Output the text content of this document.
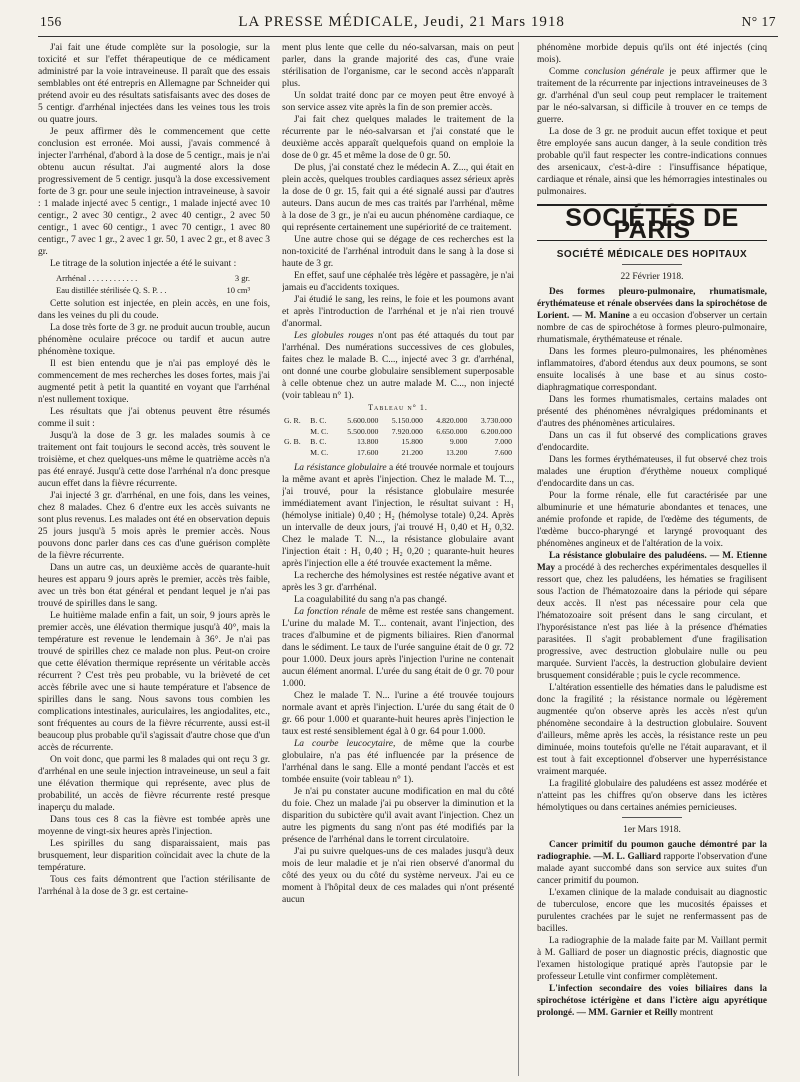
156	LA PRESSE MÉDICALE, Jeudi, 21 Mars 1918	N° 17

J'ai fait une étude complète sur la posologie, sur la toxicité et sur l'effet thérapeutique de ce médicament administré par la voie intraveineuse. Il paraît que des essais semblables ont été entrepris en Allemagne par Schneider qui prétend avoir eu des résultats satisfaisants avec des doses de 5 centigr. d'arrhénal injectées dans les veines tous les trois ou quatre jours.

Je peux affirmer dès le commencement que cette conclusion est erronée. Moi aussi, j'avais commencé à injecter l'arrhénal, d'abord à la dose de 5 centigr., mais je n'ai obtenu aucun résultat. J'ai augmenté alors la dose progressivement de 5 centigr. jusqu'à la dose excessivement forte de 3 gr. pour une seule injection intraveineuse, à savoir : 1 malade injecté avec 5 centigr., 1 malade injecté avec 10 centigr., 2 avec 30 centigr., 2 avec 40 centigr., 2 avec 50 centigr., 1 avec 60 centigr., 1 avec 70 centigr., 1 avec 80 centigr., 7 avec 1 gr., 2 avec 1 gr. 50, 1 avec 2 gr., et 8 avec 3 gr.

Le titrage de la solution injectée a été le suivant :

Arrhénal . . . . . . . . . . . .	3 gr.
Eau distillée stérilisée Q. S. P. . .	10 cm³

Cette solution est injectée, en plein accès, en une fois, dans les veines du pli du coude.

La dose très forte de 3 gr. ne produit aucun trouble, aucun phénomène oculaire précoce ou tardif et aucun autre phénomène toxique.

Il est bien entendu que je n'ai pas employé dès le commencement de mes recherches les doses fortes, mais j'ai augmenté petit à petit la quantité en voyant que l'arrhénal n'est nullement toxique.

Les résultats que j'ai obtenus peuvent être résumés comme il suit :

Jusqu'à la dose de 3 gr. les malades soumis à ce traitement ont fait toujours le second accès, très souvent le troisième, et chez quelques-uns même le quatrième accès n'a pas été enrayé. Jusqu'à cette dose l'arrhénal n'a donc presque aucun effet dans la fièvre récurrente.

J'ai injecté 3 gr. d'arrhénal, en une fois, dans les veines, chez 8 malades. Chez 6 d'entre eux les accès suivants ne sont plus revenus. Les malades ont été en observation depuis 25 jours jusqu'à 5 mois après le premier accès. Nous pouvons donc parler dans ces cas d'une guérison complète de la fièvre récurrente.

Dans un autre cas, un deuxième accès de quarante-huit heures est apparu 9 jours après le premier, accès très faible, avec un très bon état général et pendant lequel je n'ai pas trouvé de spirilles dans le sang.

Le huitième malade enfin a fait, un soir, 9 jours après le premier accès, une élévation thermique jusqu'à 40°, mais la température est revenue le lendemain à 36°. Je n'ai pas trouvé de spirilles chez ce malade non plus. Peut-on croire que cette élévation thermique représente un véritable accès récurrent ? C'est très peu probable, vu la brièveté de cet accès fébrile avec une si haute température et l'absence de spirilles dans le sang. Nous savons tous combien les complications intestinales, auriculaires, les angiodalites, etc., sont fréquentes au cours de la fièvre récurrente, aussi est-il beaucoup plus probable qu'il s'agissait d'autre chose que d'un accès de récurrente.

On voit donc, que parmi les 8 malades qui ont reçu 3 gr. d'arrhénal en une seule injection intraveineuse, un seul a fait une élévation thermique qui représente, avec plus de probabilité, un accès de fièvre récurrente resté presque inaperçu du malade.

Dans tous ces 8 cas la fièvre est tombée après une moyenne de vingt-six heures après l'injection.

Les spirilles du sang disparaissaient, mais pas brusquement, leur disparition coïncidait avec la chute de la température.

Tous ces faits démontrent que l'action stérilisante de l'arrhénal à la dose de 3 gr. est certaine-

ment plus lente que celle du néo-salvarsan, mais on peut parler, dans la grande majorité des cas, d'une vraie stérilisation de l'organisme, car le second accès n'apparaît plus.

Un soldat traité donc par ce moyen peut être envoyé à son service assez vite après la fin de son premier accès.

J'ai fait chez quelques malades le traitement de la récurrente par le néo-salvarsan et j'ai constaté que le deuxième accès apparaît quelquefois quand on emploie la dose de 0 gr. 45 et même la dose de 0 gr. 50.

De plus, j'ai constaté chez le médecin A. Z..., qui était en plein accès, quelques troubles cardiaques assez sérieux après la dose de 0 gr. 15, fait qui a été signalé aussi par d'autres auteurs. Dans aucun de mes cas traités par l'arrhénal, même à la dose de 3 gr., je n'ai eu aucun phénomène cardiaque, ce qui représente certainement une supériorité de ce traitement.

Une autre chose qui se dégage de ces recherches est la non-toxicité de l'arrhénal introduit dans le sang à la dose si haute de 3 gr.

En effet, sauf une céphalée très légère et passagère, je n'ai jamais eu d'accidents toxiques.

J'ai étudié le sang, les reins, le foie et les poumons avant et après l'introduction de l'arrhénal et je n'ai rien trouvé d'anormal.

Les globules rouges n'ont pas été attaqués du tout par l'arrhénal. Des numérations successives de ces globules, faites chez le malade B. C..., injecté avec 3 gr. d'arrhénal, ont donné une courbe globulaire sensiblement superposable à celle obtenue chez un autre malade M. C..., non injecté (voir tableau n° 1).

Tableau n° 1.
G. R.	B. C.	5.600.000	5.150.000	4.820.000	3.730.000
	M. C.	5.500.000	7.920.000	6.650.000	6.200.000
G. B.	B. C.	13.800	15.800	9.000	7.000
	M. C.	17.600	21.200	13.200	7.600

La résistance globulaire a été trouvée normale et toujours la même avant et après l'injection. Chez le malade M. T..., j'ai trouvé, pour la résistance globulaire mesurée immédiatement avant l'injection, le résultat suivant : H₁ (hémolyse initiale) 0,40 ; H₂ (hémolyse totale) 0,24. Après un intervalle de deux jours, j'ai trouvé H₁ 0,40 et H₂ 0,32. Chez le malade T. N..., la résistance globulaire avant l'injection était : H₁ 0,40 ; H₂ 0,20 ; quarante-huit heures après l'injection elle a été trouvée exactement la même.

La recherche des hémolysines est restée négative avant et après les 3 gr. d'arrhénal.

La coagulabilité du sang n'a pas changé.

La fonction rénale de même est restée sans changement. L'urine du malade M. T... contenait, avant l'injection, des traces d'albumine et de pigments biliaires. Rien d'anormal dans le sédiment. Le taux de l'urée sanguine était de 0 gr. 72 pour 1.000. Deux jours après l'injection l'urine ne contenait aucun élément anormal. L'urée du sang était de 0 gr. 70 pour 1.000.

Chez le malade T. N... l'urine a été trouvée toujours normale avant et après l'injection. L'urée du sang était de 0 gr. 66 pour 1.000 et quarante-huit heures après l'injection le taux est resté sensiblement égal à 0 gr. 64 pour 1.000.

La courbe leucocytaire, de même que la courbe globulaire, n'a pas été influencée par la présence de l'arrhénal dans le sang. Elle a monté pendant l'accès et est tombée ensuite (voir tableau n° 1).

Je n'ai pu constater aucune modification en mal du côté du foie. Chez un malade j'ai pu observer la diminution et la disparition du subictère qu'il avait avant l'injection. Chez un autre les pigments du sang n'ont pas été modifiés par la présence de l'arrhénal dans le torrent circulatoire.

J'ai pu suivre quelques-uns de ces malades jusqu'à deux mois de leur maladie et je n'ai rien observé d'anormal du côté des yeux ou du côté du système nerveux. J'ai eu ce moment à l'hôpital deux de ces malades qui n'ont présenté aucun

phénomène morbide depuis qu'ils ont été injectés (cinq mois).

Comme conclusion générale je peux affirmer que le traitement de la récurrente par injections intraveineuses de 3 gr. d'arrhénal d'un seul coup peut remplacer le traitement par le néo-salvarsan, si difficile à trouver en ce temps de guerre.

La dose de 3 gr. ne produit aucun effet toxique et peut être employée sans aucun danger, à la seule condition très probable qu'il faut respecter les contre-indications connues des arsenicaux, c'est-à-dire : l'insuffisance hépatique, cardiaque et rénale, ainsi que les hémorragies intestinales ou pulmonaires.

SOCIÉTÉS DE PARIS
SOCIÉTÉ MÉDICALE DES HOPITAUX
22 Février 1918.

Des formes pleuro-pulmonaire, rhumatismale, érythémateuse et rénale observées dans la spirochétose de Lorient. — M. Manine a eu occasion d'observer un certain nombre de cas de spirochétose à formes pleuro-pulmonaire, rhumatismale, érythémateuse et rénale.

Dans les formes pleuro-pulmonaires, les phénomènes inflammatoires, d'abord étendus aux deux poumons, se sont ensuite localisés à une base et au sinus costo-diaphragmatique correspondant.

Dans les formes rhumatismales, certains malades ont présenté des phénomènes névralgiques prédominants et d'autres des phénomènes articulaires.

Dans un cas il fut observé des complications graves d'endocardite.

Dans les formes érythémateuses, il fut observé chez trois malades une éruption d'érythème noueux compliqué d'endocardite dans un cas.

Pour la forme rénale, elle fut caractérisée par une albuminurie et une hématurie abondantes et tenaces, une anémie profonde et rapide, de l'œdème des téguments, de l'œdème bucco-pharyngé et laryngé provoquant des phénomènes angineux et de l'altération de la voix.

La résistance globulaire des paludéens. — M. Etienne May a procédé à des recherches expérimentales desquelles il ressort que, chez les paludéens, les hématies se fragilisent sous l'action de l'hématozoaire dans la période qui sépare deux accès. Il n'est pas nécessaire pour cela que l'hématozoaire soit présent dans le sang circulant, et l'hyporésistance n'est pas liée à la présence d'hématies parasitées. Il s'agit probablement d'une fragilisation progressive, avec destruction globulaire nulle ou peu marquée. Survient l'accès, la destruction globulaire devient brusquement considérable ; puis le cycle recommence.

L'altération essentielle des hématies dans le paludisme est donc la fragilité ; la résistance normale ou légèrement augmentée qu'on observe après les accès n'est qu'un phénomène secondaire à la destruction globulaire. Souvent d'ailleurs, même après les accès, la résistance reste un peu diminuée, moins toutefois qu'elle ne l'était auparavant, et il est tout à fait exceptionnel d'observer une hyperrésistance vraiment marquée.

La fragilité globulaire des paludéens est assez modérée et n'atteint pas les chiffres qu'on observe dans les ictères hémolytiques ou dans certaines anémies pernicieuses.

1er Mars 1918.

Cancer primitif du poumon gauche démontré par la radiographie. —M. L. Galliard rapporte l'observation d'une malade ayant succombé dans son service aux suites d'un cancer primitif du poumon.

L'examen clinique de la malade conduisait au diagnostic de tuberculose, encore que les mucosités épaisses et purulentes crachées par le sujet ne renfermassent pas de bacilles.

La radiographie de la malade faite par M. Vaillant permit à M. Galliard de poser un diagnostic précis, diagnostic que l'examen histologique pratiqué après l'autopsie par le professeur Letulle vint confirmer complètement.

L'infection secondaire des voies biliaires dans la spirochétose ictérigène et dans l'ictère aigu apyrétique prolongé. — MM. Garnier et Reilly montrent
